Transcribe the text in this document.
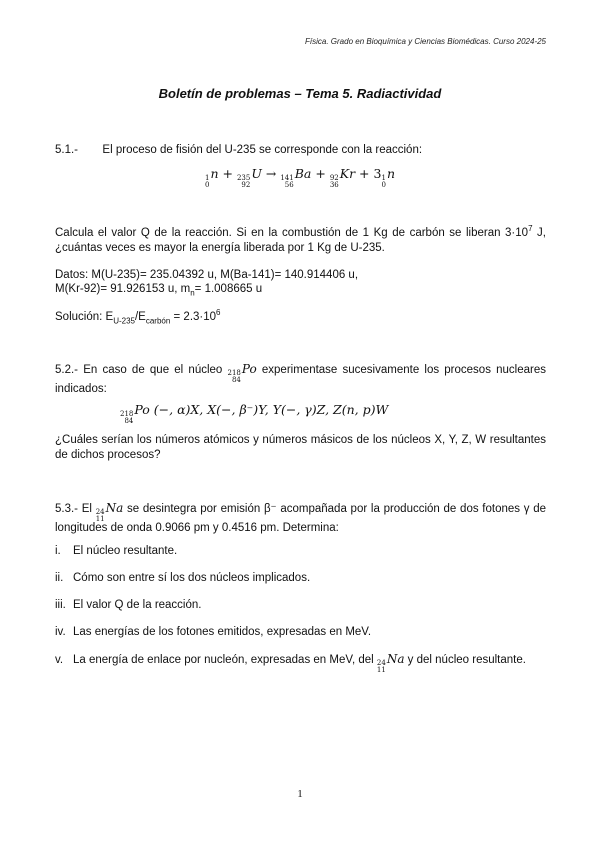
Física. Grado en Bioquímica y Ciencias Biomédicas. Curso 2024-25
Boletín de problemas – Tema 5. Radiactividad
5.1.- El proceso de fisión del U-235 se corresponde con la reacción:
1
0
n + 235
92
U → 141
56
Ba + 92
36
Kr + 3 1
0
n
Calcula el valor Q de la reacción. Si en la combustión de 1 Kg de carbón se liberan $3\cdot 10^7$ J, ¿cuántas veces es mayor la energía liberada por 1 Kg de U-235.
Datos: M(U-235)= 235.04392 u, M(Ba-141)= 140.914406 u,
M(Kr-92)= 91.926153 u, $m_n= 1.008665$ u
Solución: $E_{U-235}/E_{carbón} = 2.3\cdot 10^6$
5.2.- En caso de que el núcleo 218
84
Po experimentase sucesivamente los procesos nucleares indicados:
218
84
Po (−, α)X, X(−, β⁻)Y, Y(−, γ)Z, Z(n, p)W
¿Cuáles serían los números atómicos y números másicos de los núcleos X, Y, Z, W resultantes de dichos procesos?
5.3.- El 24
11
Na se desintegra por emisión β⁻ acompañada por la producción de dos fotones γ de longitudes de onda 0.9066 pm y 0.4516 pm. Determina:
i. El núcleo resultante.
ii. Cómo son entre sí los dos núcleos implicados.
iii. El valor Q de la reacción.
iv. Las energías de los fotones emitidos, expresadas en MeV.
v. La energía de enlace por nucleón, expresadas en MeV, del 24
11
Na y del núcleo resultante.
1
